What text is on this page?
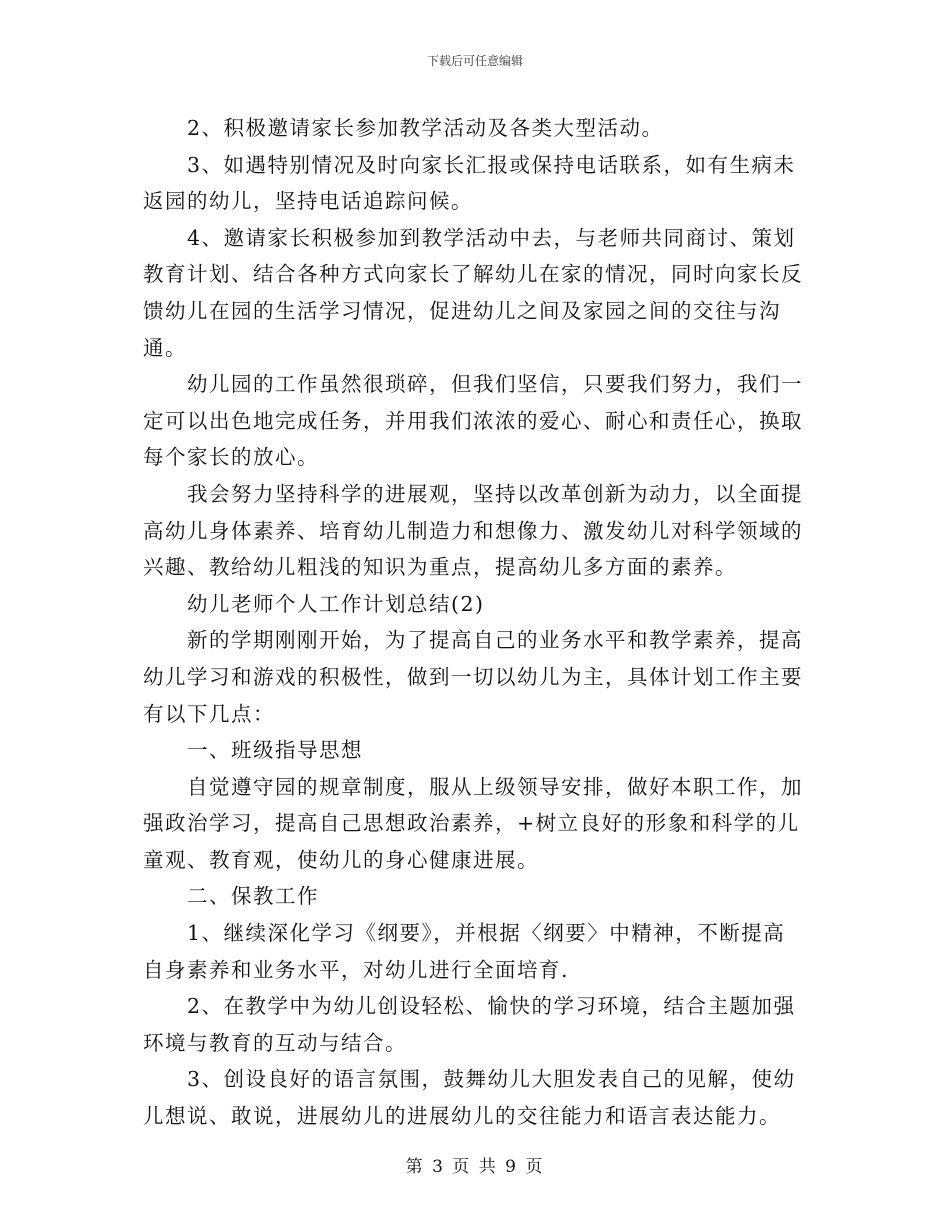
下载后可任意编辑

2、积极邀请家长参加教学活动及各类大型活动。

3、如遇特别情况及时向家长汇报或保持电话联系，如有生病未返园的幼儿，坚持电话追踪问候。

4、邀请家长积极参加到教学活动中去，与老师共同商讨、策划教育计划、结合各种方式向家长了解幼儿在家的情况，同时向家长反馈幼儿在园的生活学习情况，促进幼儿之间及家园之间的交往与沟通。

幼儿园的工作虽然很琐碎，但我们坚信，只要我们努力，我们一定可以出色地完成任务，并用我们浓浓的爱心、耐心和责任心，换取每个家长的放心。

我会努力坚持科学的进展观，坚持以改革创新为动力，以全面提高幼儿身体素养、培育幼儿制造力和想像力、激发幼儿对科学领域的兴趣、教给幼儿粗浅的知识为重点，提高幼儿多方面的素养。

幼儿老师个人工作计划总结(2)

新的学期刚刚开始，为了提高自己的业务水平和教学素养，提高幼儿学习和游戏的积极性，做到一切以幼儿为主，具体计划工作主要有以下几点：

一、班级指导思想

自觉遵守园的规章制度，服从上级领导安排，做好本职工作，加强政治学习，提高自己思想政治素养，+树立良好的形象和科学的儿童观、教育观，使幼儿的身心健康进展。

二、保教工作

1、继续深化学习《纲要》，并根据〈纲要〉中精神，不断提高自身素养和业务水平，对幼儿进行全面培育.

2、在教学中为幼儿创设轻松、愉快的学习环境，结合主题加强环境与教育的互动与结合。

3、创设良好的语言氛围，鼓舞幼儿大胆发表自己的见解，使幼儿想说、敢说，进展幼儿的进展幼儿的交往能力和语言表达能力。

第 3 页 共 9 页
